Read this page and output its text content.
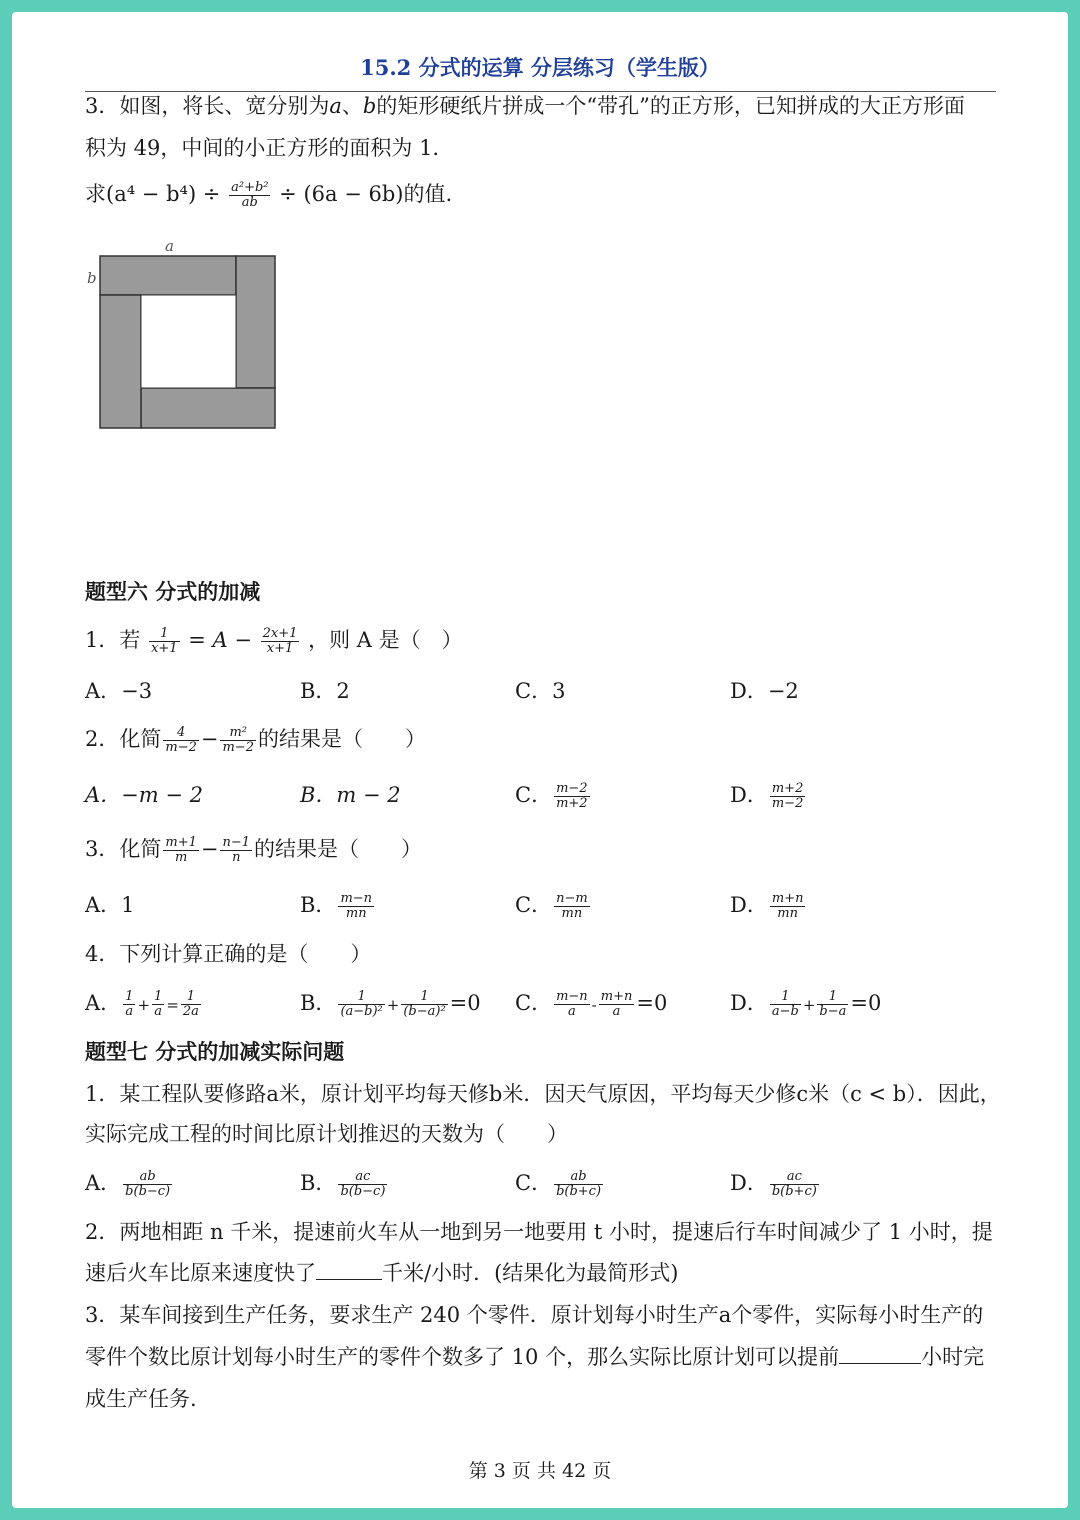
15.2 分式的运算 分层练习（学生版）
3．如图，将长、宽分别为a、b的矩形硬纸片拼成一个“带孔”的正方形，已知拼成的大正方形面
积为 49，中间的小正方形的面积为 1.
求$(a^4 - b^4) \div \frac{\text{a²+b²}}{ab} \div (6a - 6b)$的值.
a
b
题型六 分式的加减
1．若 $\frac{1}{x+1} = A - \frac{2x+1}{x+1}$ ，则 A 是（　）
A．−3	B．2	C．3	D．−2
2．化简 $\frac{4}{m-2} - \frac{\text{m²}}{m-2}$ 的结果是（　　）
A．−m − 2	B．m − 2	C． $\frac{m-2}{m+2}$	D． $\frac{m+2}{m-2}$
3．化简 $\frac{m+1}{m} - \frac{n-1}{n}$ 的结果是（　　）
A．1	B． $\frac{m-n}{mn}$	C． $\frac{n-m}{mn}$	D． $\frac{m+n}{mn}$
4．下列计算正确的是（　　）
A． $\frac{1}{a} + \frac{1}{a} = \frac{1}{2a}$	B． $\frac{1}{\text{(a−b)²}} + \frac{1}{\text{(b−a)²}} =0$ C． $\frac{m-n}{a} - \frac{m+n}{a} =0$	D． $\frac{1}{a-b} + \frac{1}{b-a} =0$
题型七 分式的加减实际问题
1．某工程队要修路a米，原计划平均每天修b米．因天气原因，平均每天少修c米（c < b）．因此，
实际完成工程的时间比原计划推迟的天数为（　　）
A． $\frac{ab}{b(b-c)}$	B． $\frac{ac}{b(b-c)}$	C． $\frac{ab}{b(b+c)}$	D． $\frac{ac}{b(b+c)}$
2．两地相距 n 千米，提速前火车从一地到另一地要用 t 小时，提速后行车时间减少了 1 小时，提
速后火车比原来速度快了	千米/小时．(结果化为最简形式)
3．某车间接到生产任务，要求生产 240 个零件．原计划每小时生产a个零件，实际每小时生产的
零件个数比原计划每小时生产的零件个数多了 10 个，那么实际比原计划可以提前	小时完
成生产任务.
第 3 页 共 42 页
